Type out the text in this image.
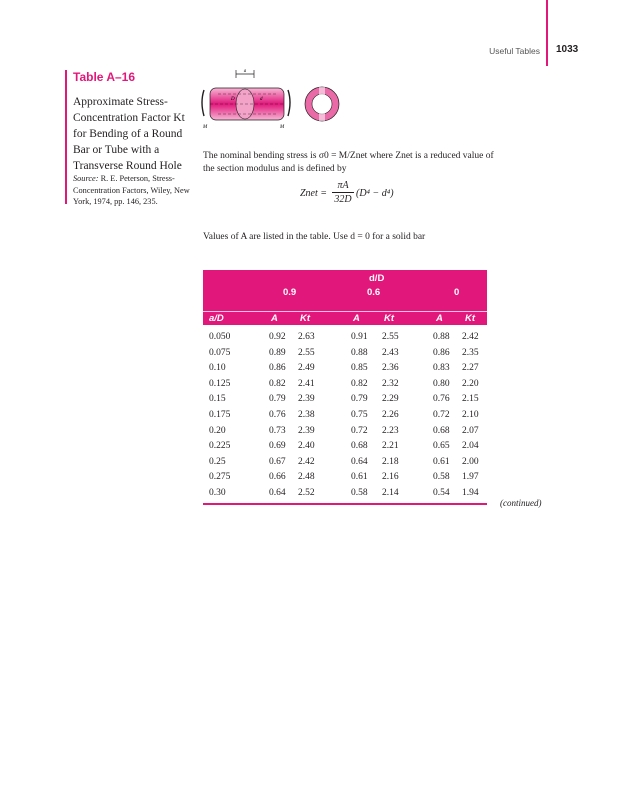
Useful Tables 1033
Table A–16
Approximate Stress-Concentration Factor Kt for Bending of a Round Bar or Tube with a Transverse Round Hole
Source: R. E. Peterson, Stress-Concentration Factors, Wiley, New York, 1974, pp. 146, 235.
a
D	d
M	M
The nominal bending stress is σ0 = M/Znet where Znet is a reduced value of the section modulus and is defined by
Znet = $\frac{\pi A}{32D} (D^4 - d^4)$
Values of A are listed in the table. Use d = 0 for a solid bar
d/D
0.9	0.6	0
a/D	A Kt	A	Kt	A Kt
0.050	0.92 2.63	0.91 2.55	0.88 2.42
0.075	0.89 2.55	0.88 2.43	0.86 2.35
0.10	0.86 2.49	0.85 2.36	0.83 2.27
0.125	0.82 2.41	0.82 2.32	0.80 2.20
0.15	0.79 2.39	0.79 2.29	0.76 2.15
0.175	0.76 2.38	0.75 2.26	0.72 2.10
0.20	0.73 2.39	0.72 2.23	0.68 2.07
0.225	0.69 2.40	0.68 2.21	0.65 2.04
0.25	0.67 2.42	0.64 2.18	0.61 2.00
0.275	0.66 2.48	0.61 2.16	0.58 1.97
0.30	0.64 2.52	0.58 2.14	0.54 1.94
(continued)
